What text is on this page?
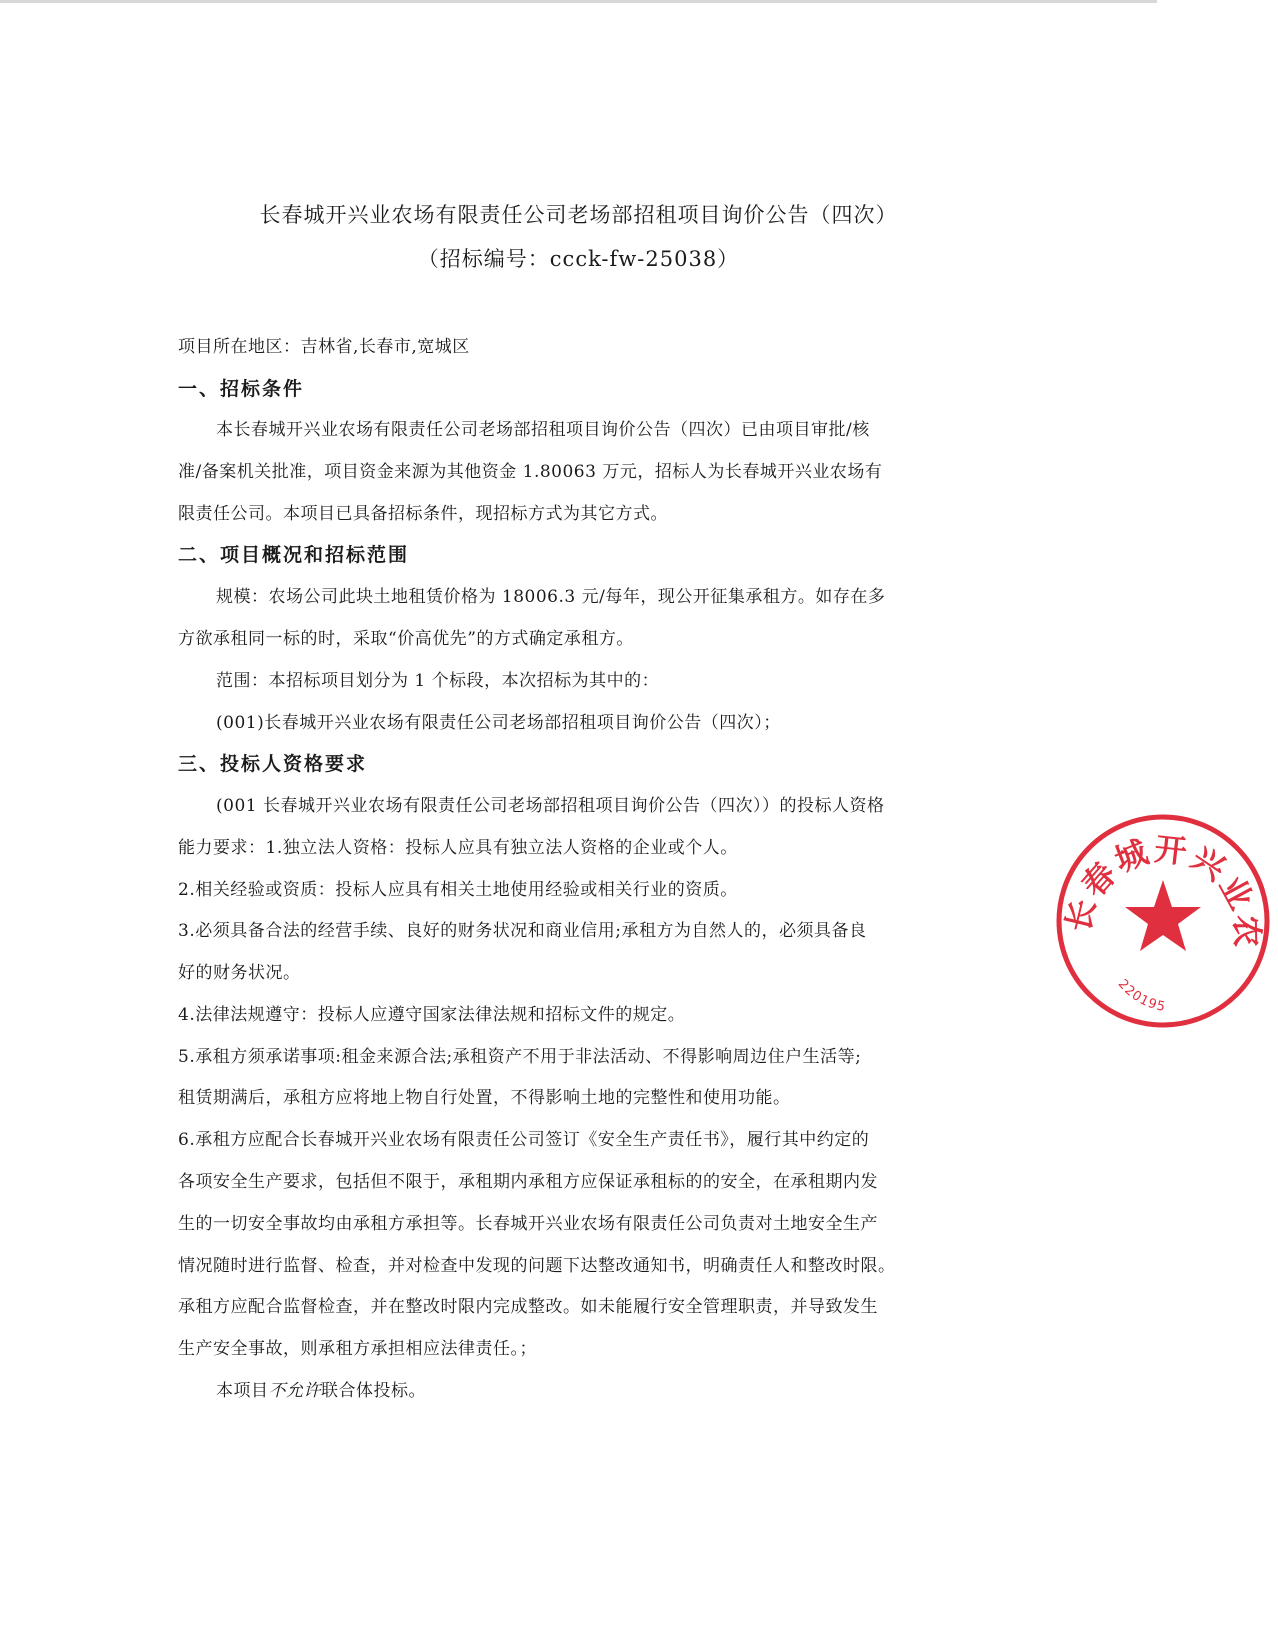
长春城开兴业农场有限责任公司老场部招租项目询价公告（四次）
（招标编号：ccck-fw-25038）
项目所在地区：吉林省,长春市,宽城区
一、招标条件
本长春城开兴业农场有限责任公司老场部招租项目询价公告（四次）已由项目审批/核
准/备案机关批准，项目资金来源为其他资金 1.80063 万元，招标人为长春城开兴业农场有
限责任公司。本项目已具备招标条件，现招标方式为其它方式。
二、项目概况和招标范围
规模：农场公司此块土地租赁价格为 18006.3 元/每年，现公开征集承租方。如存在多
方欲承租同一标的时，采取“价高优先”的方式确定承租方。
范围：本招标项目划分为 1 个标段，本次招标为其中的：
(001)长春城开兴业农场有限责任公司老场部招租项目询价公告（四次）；
三、投标人资格要求
(001 长春城开兴业农场有限责任公司老场部招租项目询价公告（四次））的投标人资格
能力要求：1.独立法人资格：投标人应具有独立法人资格的企业或个人。
2.相关经验或资质：投标人应具有相关土地使用经验或相关行业的资质。
3.必须具备合法的经营手续、良好的财务状况和商业信用;承租方为自然人的，必须具备良
好的财务状况。
4.法律法规遵守：投标人应遵守国家法律法规和招标文件的规定。
5.承租方须承诺事项:租金来源合法;承租资产不用于非法活动、不得影响周边住户生活等;
租赁期满后，承租方应将地上物自行处置，不得影响土地的完整性和使用功能。
6.承租方应配合长春城开兴业农场有限责任公司签订《安全生产责任书》，履行其中约定的
各项安全生产要求，包括但不限于，承租期内承租方应保证承租标的的安全，在承租期内发
生的一切安全事故均由承租方承担等。长春城开兴业农场有限责任公司负责对土地安全生产
情况随时进行监督、检查，并对检查中发现的问题下达整改通知书，明确责任人和整改时限。
承租方应配合监督检查，并在整改时限内完成整改。如未能履行安全管理职责，并导致发生
生产安全事故，则承租方承担相应法律责任。；
本项目不允许联合体投标。
长春城开兴业农
220195
